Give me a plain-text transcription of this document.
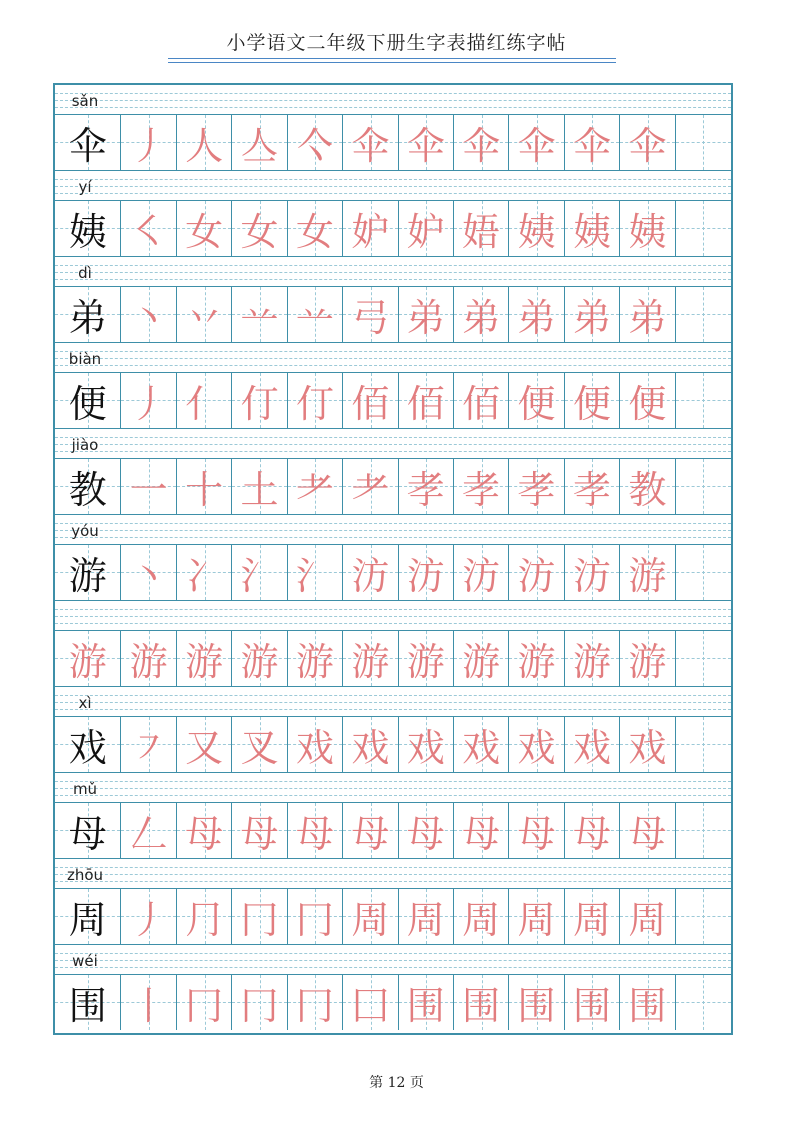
小学语文二年级下册生字表描红练字帖
sǎn
伞 丿 人 亼 亽 伞 伞 伞 伞 伞 伞
yí
姨 ㇛ 女 女 女 妒 妒 娪 姨 姨 姨
dì
弟 丶 丷 䒑 䒑 弓 弟 弟 弟 弟 弟
biàn
便 丿 亻 仃 仃 佰 佰 佰 便 便 便
jiào
教 一 十 土 耂 耂 孝 孝 孝 孝 教
yóu
游 丶 冫 氵 氵 汸 汸 汸 汸 汸 游
游 游 游 游 游 游 游 游 游 游 游
xì
戏 ㇇ 又 叉 戏 戏 戏 戏 戏 戏 戏
mǔ
母 𠃋 母 母 母 母 母 母 母 母 母
zhōu
周 丿 ⺆ 冂 冂 周 周 周 周 周 周
wéi
围 丨 冂 冂 冂 囗 围 围 围 围 围
第 12 页
